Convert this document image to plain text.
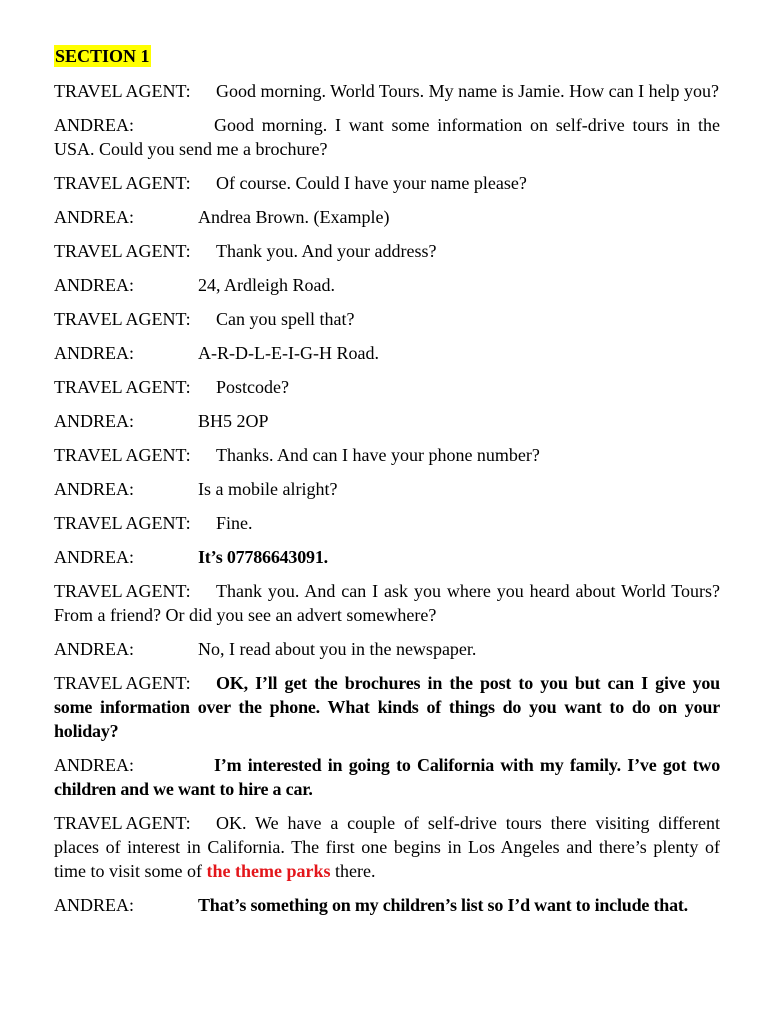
SECTION 1
TRAVEL AGENT: Good morning. World Tours. My name is Jamie. How can I help you?
ANDREA:	Good morning. I want some information on self-drive tours in the USA. Could you send me a brochure?
TRAVEL AGENT: Of course. Could I have your name please?
ANDREA:	Andrea Brown. (Example)
TRAVEL AGENT: Thank you. And your address?
ANDREA:	24, Ardleigh Road.
TRAVEL AGENT: Can you spell that?
ANDREA:	A-R-D-L-E-I-G-H Road.
TRAVEL AGENT: Postcode?
ANDREA:	BH5 2OP
TRAVEL AGENT: Thanks. And can I have your phone number?
ANDREA:	Is a mobile alright?
TRAVEL AGENT: Fine.
ANDREA:	It’s 07786643091.
TRAVEL AGENT: Thank you. And can I ask you where you heard about World Tours? From a friend? Or did you see an advert somewhere?
ANDREA:	No, I read about you in the newspaper.
TRAVEL AGENT: OK, I’ll get the brochures in the post to you but can I give you some information over the phone. What kinds of things do you want to do on your holiday?
ANDREA:	I’m interested in going to California with my family. I’ve got two children and we want to hire a car.
TRAVEL AGENT: OK. We have a couple of self-drive tours there visiting different places of interest in California. The first one begins in Los Angeles and there’s plenty of time to visit some of the theme parks there.
ANDREA:	That’s something on my children’s list so I’d want to include that.
